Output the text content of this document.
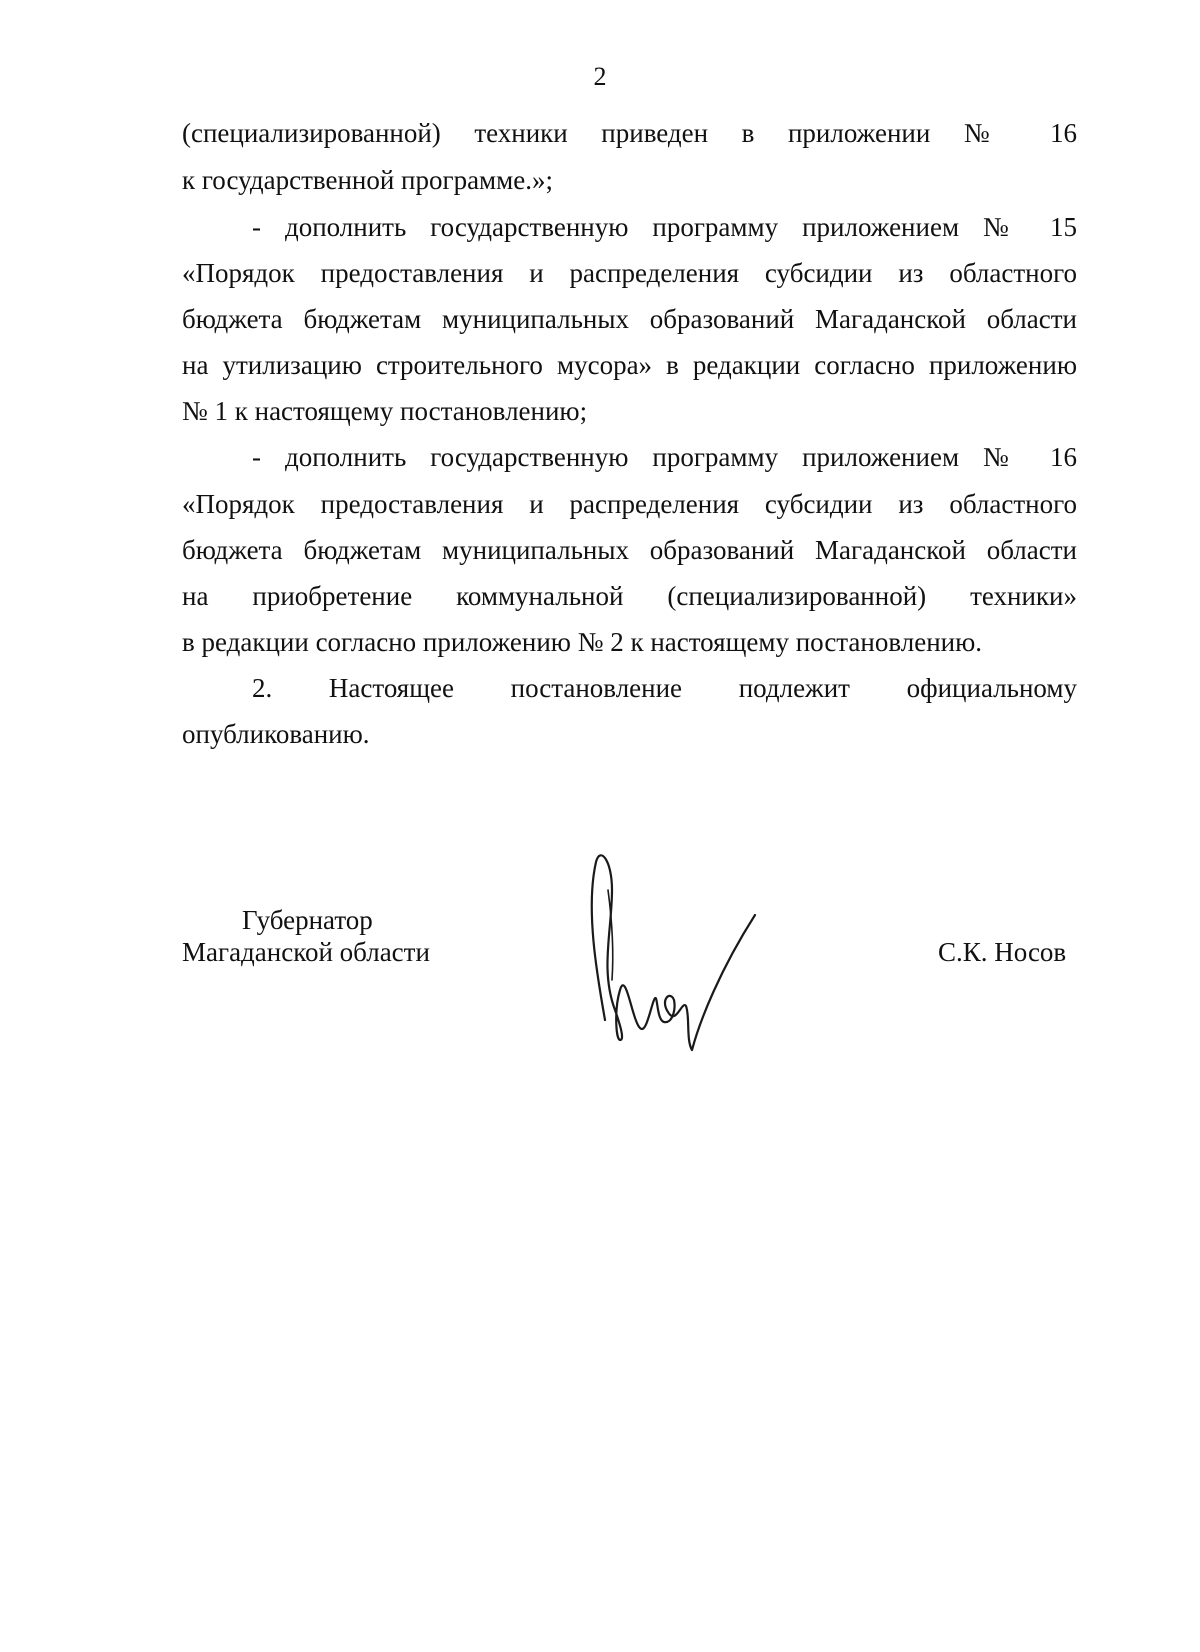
2
(специализированной) техники приведен в приложении № 16
к государственной программе.»;
- дополнить государственную программу приложением № 15
«Порядок предоставления и распределения субсидии из областного
бюджета бюджетам муниципальных образований Магаданской области
на утилизацию строительного мусора» в редакции согласно приложению
№ 1 к настоящему постановлению;
- дополнить государственную программу приложением № 16
«Порядок предоставления и распределения субсидии из областного
бюджета бюджетам муниципальных образований Магаданской области
на приобретение коммунальной (специализированной) техники»
в редакции согласно приложению № 2 к настоящему постановлению.
2. Настоящее постановление подлежит официальному
опубликованию.
Губернатор
Магаданской области	С.К. Носов
